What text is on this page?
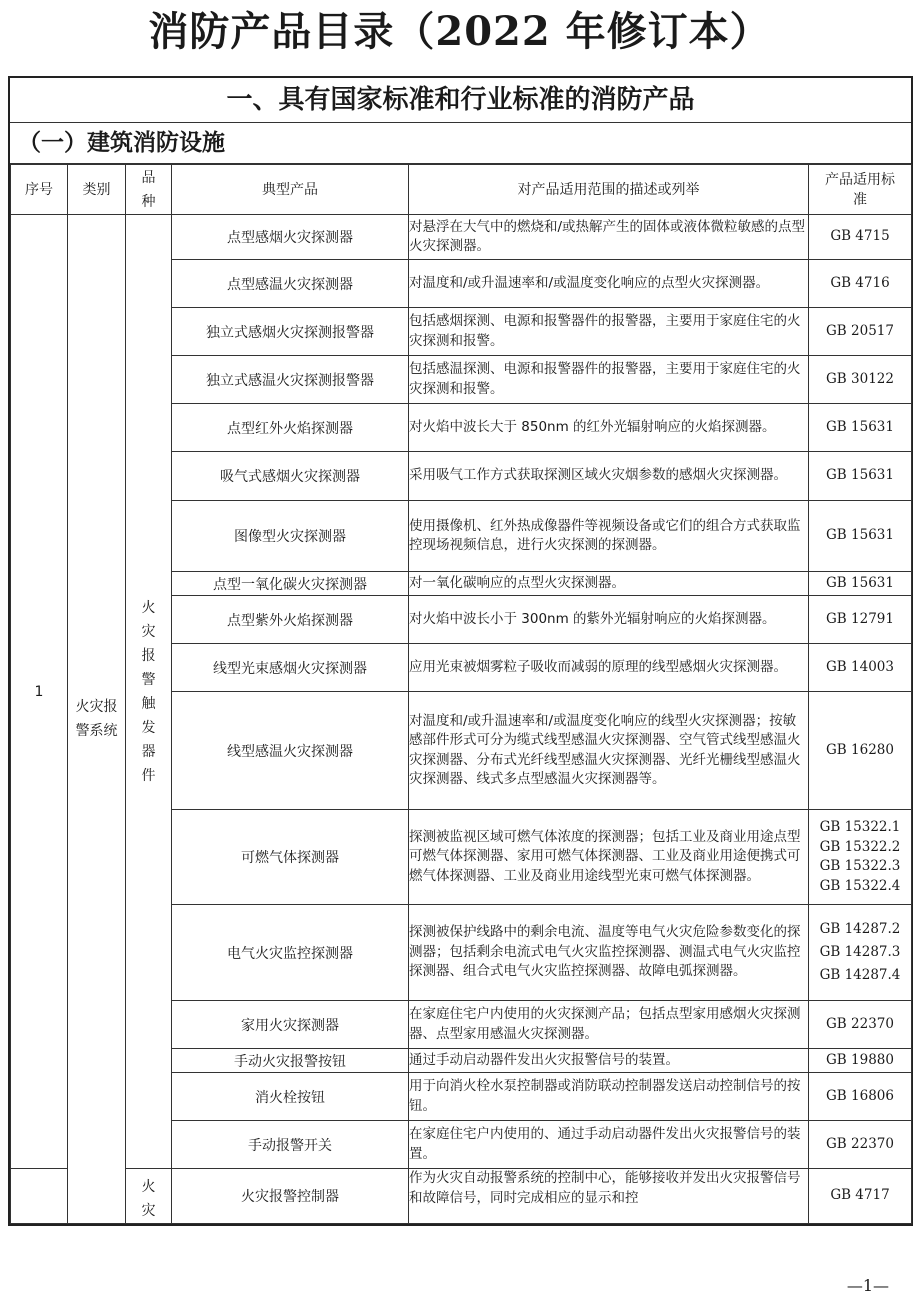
消防产品目录（2022 年修订本）
一、具有国家标准和行业标准的消防产品
（一）建筑消防设施
序号	类别	品种	典型产品	对产品适用范围的描述或列举	产品适用标准
1	火灾报警系统	火灾报警触发器件	点型感烟火灾探测器	对悬浮在大气中的燃烧和/或热解产生的固体或液体微粒敏感的点型火灾探测器。	GB 4715
			点型感温火灾探测器	对温度和/或升温速率和/或温度变化响应的点型火灾探测器。	GB 4716
			独立式感烟火灾探测报警器	包括感烟探测、电源和报警器件的报警器，主要用于家庭住宅的火灾探测和报警。	GB 20517
			独立式感温火灾探测报警器	包括感温探测、电源和报警器件的报警器，主要用于家庭住宅的火灾探测和报警。	GB 30122
			点型红外火焰探测器	对火焰中波长大于 850nm 的红外光辐射响应的火焰探测器。	GB 15631
			吸气式感烟火灾探测器	采用吸气工作方式获取探测区域火灾烟参数的感烟火灾探测器。	GB 15631
			图像型火灾探测器	使用摄像机、红外热成像器件等视频设备或它们的组合方式获取监控现场视频信息，进行火灾探测的探测器。	GB 15631
			点型一氧化碳火灾探测器	对一氧化碳响应的点型火灾探测器。	GB 15631
			点型紫外火焰探测器	对火焰中波长小于 300nm 的紫外光辐射响应的火焰探测器。	GB 12791
			线型光束感烟火灾探测器	应用光束被烟雾粒子吸收而减弱的原理的线型感烟火灾探测器。	GB 14003
			线型感温火灾探测器	对温度和/或升温速率和/或温度变化响应的线型火灾探测器；按敏感部件形式可分为缆式线型感温火灾探测器、空气管式线型感温火灾探测器、分布式光纤线型感温火灾探测器、光纤光栅线型感温火灾探测器、线式多点型感温火灾探测器等。	GB 16280
			可燃气体探测器	探测被监视区域可燃气体浓度的探测器；包括工业及商业用途点型可燃气体探测器、家用可燃气体探测器、工业及商业用途便携式可燃气体探测器、工业及商业用途线型光束可燃气体探测器。	GB 15322.1 GB 15322.2 GB 15322.3 GB 15322.4

			电气火灾监控探测器	探测被保护线路中的剩余电流、温度等电气火灾危险参数变化的探测器；包括剩余电流式电气火灾监控探测器、测温式电气火灾监控探测器、组合式电气火灾监控探测器、故障电弧探测器。	GB 14287.2 GB 14287.3 GB 14287.4

			家用火灾探测器	在家庭住宅户内使用的火灾探测产品；包括点型家用感烟火灾探测器、点型家用感温火灾探测器。	GB 22370
			手动火灾报警按钮	通过手动启动器件发出火灾报警信号的装置。	GB 19880
			消火栓按钮	用于向消火栓水泵控制器或消防联动控制器发送启动控制信号的按钮。	GB 16806
			手动报警开关	在家庭住宅户内使用的、通过手动启动器件发出火灾报警信号的装置。	GB 22370
		火灾	火灾报警控制器	作为火灾自动报警系统的控制中心，能够接收并发出火灾报警信号和故障信号，同时完成相应的显示和控	GB 4717
—1—
